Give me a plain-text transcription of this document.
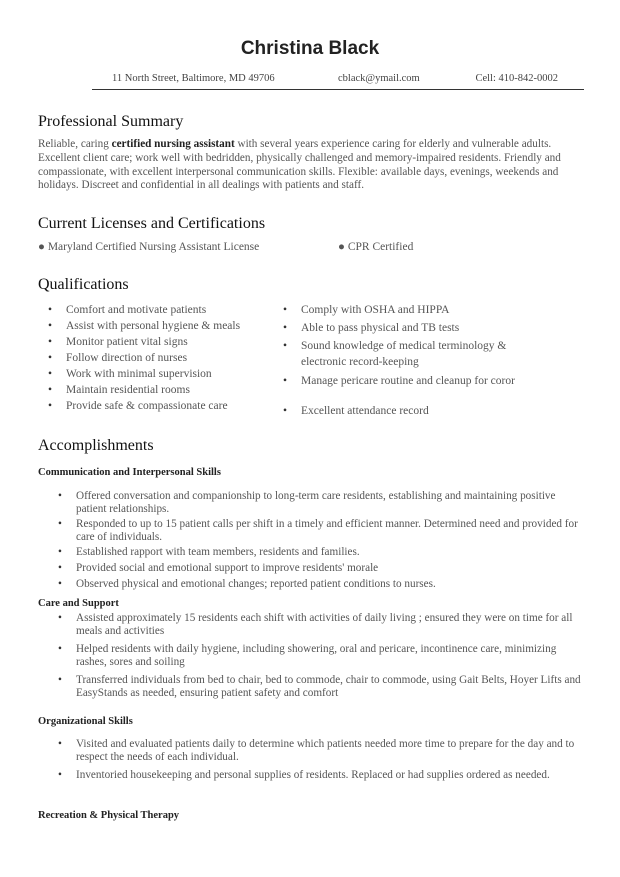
Christina Black
11 North Street, Baltimore, MD 49706	cblack@ymail.com	Cell: 410-842-0002
Professional Summary
Reliable, caring certified nursing assistant with several years experience caring for elderly and vulnerable adults. Excellent client care; work well with bedridden, physically challenged and memory-impaired residents. Friendly and compassionate, with excellent interpersonal communication skills. Flexible: available days, evenings, weekends and holidays. Discreet and confidential in all dealings with patients and staff.
Current Licenses and Certifications
● Maryland Certified Nursing Assistant License	● CPR Certified
Qualifications
• Comfort and motivate patients
• Assist with personal hygiene & meals
• Monitor patient vital signs
• Follow direction of nurses
• Work with minimal supervision
• Maintain residential rooms
• Provide safe & compassionate care
• Comply with OSHA and HIPPA
• Able to pass physical and TB tests
• Sound knowledge of medical terminology & electronic record-keeping
• Manage pericare routine and cleanup for coror
• Excellent attendance record
Accomplishments
Communication and Interpersonal Skills
• Offered conversation and companionship to long-term care residents, establishing and maintaining positive patient relationships.
• Responded to up to 15 patient calls per shift in a timely and efficient manner. Determined need and provided for care of individuals.
• Established rapport with team members, residents and families.
• Provided social and emotional support to improve residents' morale
• Observed physical and emotional changes; reported patient conditions to nurses.
Care and Support
• Assisted approximately 15 residents each shift with activities of daily living ; ensured they were on time for all meals and activities
• Helped residents with daily hygiene, including showering, oral and pericare, incontinence care, minimizing rashes, sores and soiling
• Transferred individuals from bed to chair, bed to commode, chair to commode, using Gait Belts, Hoyer Lifts and EasyStands as needed, ensuring patient safety and comfort
Organizational Skills
• Visited and evaluated patients daily to determine which patients needed more time to prepare for the day and to respect the needs of each individual.
• Inventoried housekeeping and personal supplies of residents. Replaced or had supplies ordered as needed.
Recreation & Physical Therapy
